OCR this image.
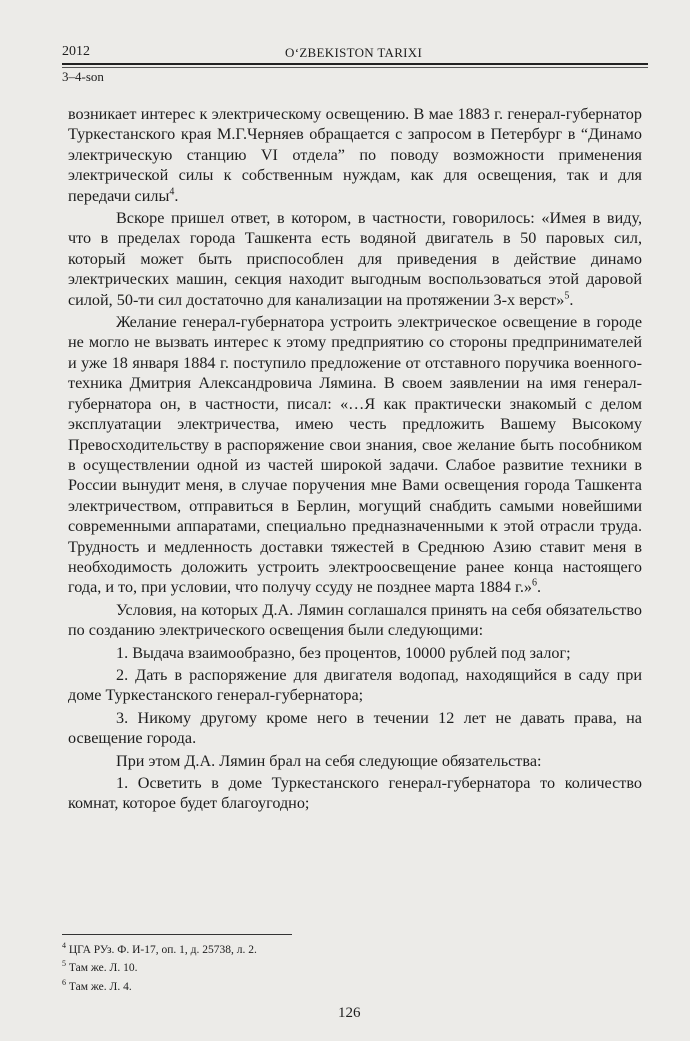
2012	O‘ZBEKISTON TARIXI
3–4-son

возникает интерес к электрическому освещению. В мае 1883 г. генерал-губернатор Туркестанского края М.Г.Черняев обращается с запросом в Петербург в “Динамо электрическую станцию VI отдела” по поводу возможности применения электрической силы к собственным нуждам, как для освещения, так и для передачи силы$^4$.

Вскоре пришел ответ, в котором, в частности, говорилось: «Имея в виду, что в пределах города Ташкента есть водяной двигатель в 50 паровых сил, который может быть приспособлен для приведения в действие динамо электрических машин, секция находит выгодным воспользоваться этой даровой силой, 50-ти сил достаточно для канализации на протяжении 3-х верст»$^5$.

Желание генерал-губернатора устроить электрическое освещение в городе не могло не вызвать интерес к этому предприятию со стороны предпринимателей и уже 18 января 1884 г. поступило предложение от отставного поручика военного-техника Дмитрия Александровича Лямина. В своем заявлении на имя генерал-губернатора он, в частности, писал: «…Я как практически знакомый с делом эксплуатации электричества, имею честь предложить Вашему Высокому Превосходительству в распоряжение свои знания, свое желание быть пособником в осуществлении одной из частей широкой задачи. Слабое развитие техники в России вынудит меня, в случае поручения мне Вами освещения города Ташкента электричеством, отправиться в Берлин, могущий снабдить самыми новейшими современными аппаратами, специально предназначенными к этой отрасли труда. Трудность и медленность доставки тяжестей в Среднюю Азию ставит меня в необходимость доложить устроить электроосвещение ранее конца настоящего года, и то, при условии, что получу ссуду не позднее марта 1884 г.»$^6$.

Условия, на которых Д.А. Лямин соглашался принять на себя обязательство по созданию электрического освещения были следующими:

1. Выдача взаимообразно, без процентов, 10000 рублей под залог;

2. Дать в распоряжение для двигателя водопад, находящийся в саду при доме Туркестанского генерал-губернатора;

3. Никому другому кроме него в течении 12 лет не давать права, на освещение города.

При этом Д.А. Лямин брал на себя следующие обязательства:

1. Осветить в доме Туркестанского генерал-губернатора то количество комнат, которое будет благоугодно;

$^4$ ЦГА РУз. Ф. И-17, оп. 1, д. 25738, л. 2.
$^5$ Там же. Л. 10.
$^6$ Там же. Л. 4.
126
